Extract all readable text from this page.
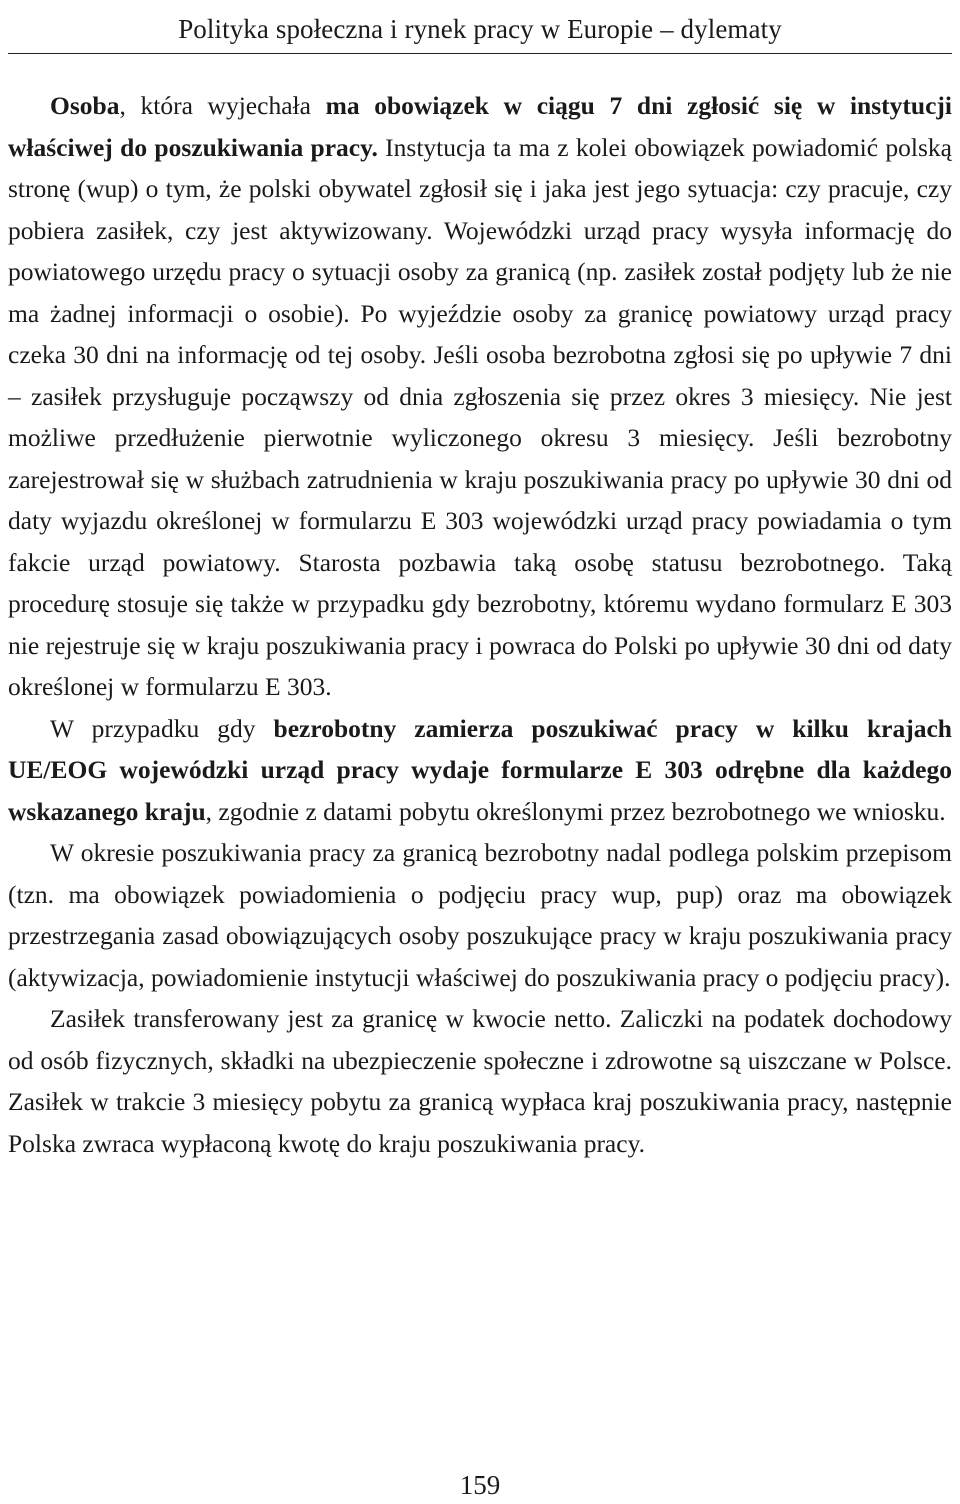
Polityka społeczna i rynek pracy w Europie – dylematy

Osoba, która wyjechała ma obowiązek w ciągu 7 dni zgłosić się w instytucji właściwej do poszukiwania pracy. Instytucja ta ma z kolei obowiązek powiadomić polską stronę (wup) o tym, że polski obywatel zgłosił się i jaka jest jego sytuacja: czy pracuje, czy pobiera zasiłek, czy jest aktywizowany. Wojewódzki urząd pracy wysyła informację do powiatowego urzędu pracy o sytuacji osoby za granicą (np. zasiłek został podjęty lub że nie ma żadnej informacji o osobie). Po wyjeździe osoby za granicę powiatowy urząd pracy czeka 30 dni na informację od tej osoby. Jeśli osoba bezrobotna zgłosi się po upływie 7 dni – zasiłek przysługuje począwszy od dnia zgłoszenia się przez okres 3 miesięcy. Nie jest możliwe przedłużenie pierwotnie wyliczonego okresu 3 miesięcy. Jeśli bezrobotny zarejestrował się w służbach zatrudnienia w kraju poszukiwania pracy po upływie 30 dni od daty wyjazdu określonej w formularzu E 303 wojewódzki urząd pracy powiadamia o tym fakcie urząd powiatowy. Starosta pozbawia taką osobę statusu bezrobotnego. Taką procedurę stosuje się także w przypadku gdy bezrobotny, któremu wydano formularz E 303 nie rejestruje się w kraju poszukiwania pracy i powraca do Polski po upływie 30 dni od daty określonej w formularzu E 303.

W przypadku gdy bezrobotny zamierza poszukiwać pracy w kilku krajach UE/EOG wojewódzki urząd pracy wydaje formularze E 303 odrębne dla każdego wskazanego kraju, zgodnie z datami pobytu określonymi przez bezrobotnego we wniosku.

W okresie poszukiwania pracy za granicą bezrobotny nadal podlega polskim przepisom (tzn. ma obowiązek powiadomienia o podjęciu pracy wup, pup) oraz ma obowiązek przestrzegania zasad obowiązujących osoby poszukujące pracy w kraju poszukiwania pracy (aktywizacja, powiadomienie instytucji właściwej do poszukiwania pracy o podjęciu pracy).

Zasiłek transferowany jest za granicę w kwocie netto. Zaliczki na podatek dochodowy od osób fizycznych, składki na ubezpieczenie społeczne i zdrowotne są uiszczane w Polsce. Zasiłek w trakcie 3 miesięcy pobytu za granicą wypłaca kraj poszukiwania pracy, następnie Polska zwraca wypłaconą kwotę do kraju poszukiwania pracy.

159
